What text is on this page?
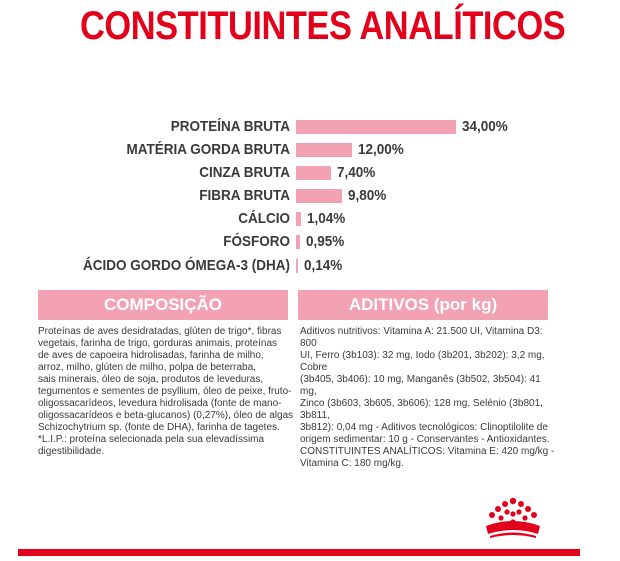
CONSTITUINTES ANALÍTICOS
PROTEÍNA BRUTA	34,00%
MATÉRIA GORDA BRUTA	12,00%
CINZA BRUTA	7,40%
FIBRA BRUTA	9,80%
CÁLCIO 1,04%
FÓSFORO 0,95%
ÁCIDO GORDO ÓMEGA-3 (DHA) 0,14%
COMPOSIÇÃO	ADITIVOS (por kg)
Proteínas de aves desidratadas, glúten de trigo*, fibras
vegetais, farinha de trigo, gorduras animais, proteínas
de aves de capoeira hidrolisadas, farinha de milho,
arroz, milho, glúten de milho, polpa de beterraba,
sais minerais, óleo de soja, produtos de leveduras,
tegumentos e sementes de psyllium, óleo de peixe, fruto-
oligossacarídeos, levedura hidrolisada (fonte de mano-
oligossacarídeos e beta-glucanos) (0,27%), óleo de algas
Schizochytrium sp. (fonte de DHA), farinha de tagetes.
*L.I.P.: proteína selecionada pela sua elevadíssima
digestibilidade.
Aditivos nutritivos: Vitamina A: 21.500 UI, Vitamina D3: 800
UI, Ferro (3b103): 32 mg, Iodo (3b201, 3b202): 3,2 mg, Cobre
(3b405, 3b406): 10 mg, Manganês (3b502, 3b504): 41 mg,
Zinco (3b603, 3b605, 3b606): 128 mg, Selénio (3b801, 3b811,
3b812): 0,04 mg - Aditivos tecnológicos: Clinoptilolite de
origem sedimentar: 10 g - Conservantes - Antioxidantes.
CONSTITUINTES ANALÍTICOS: Vitamina E: 420 mg/kg -
Vitamina C: 180 mg/kg.
